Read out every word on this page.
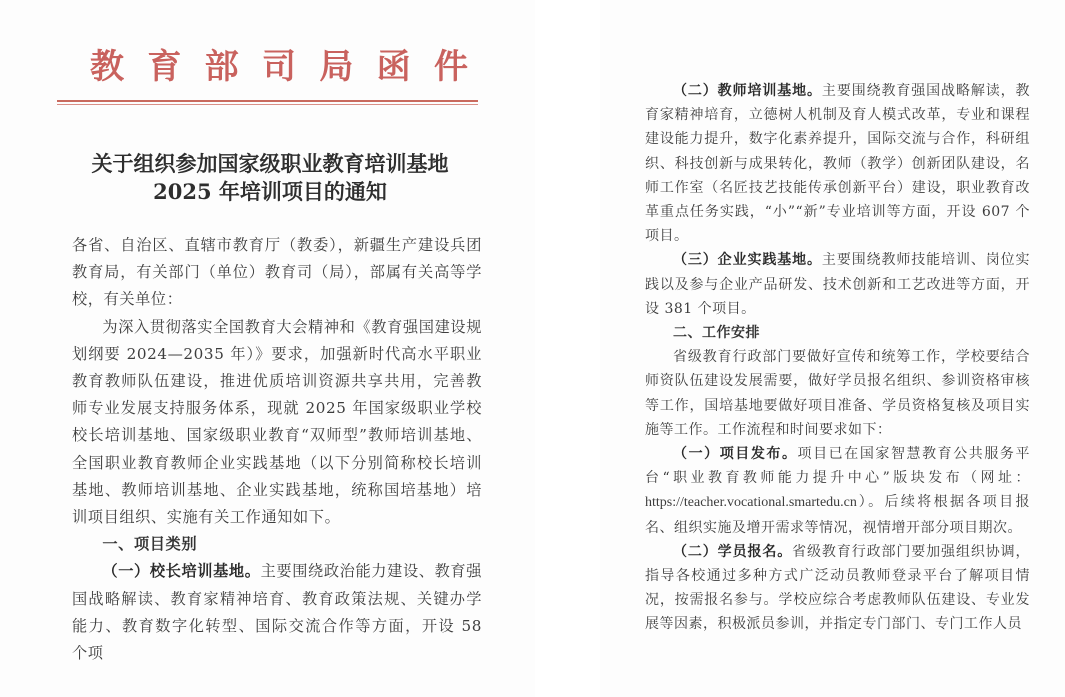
教 育 部 司 局 函 件
关于组织参加国家级职业教育培训基地
2025 年培训项目的通知

各省、自治区、直辖市教育厅（教委），新疆生产建设兵团教育局，有关部门（单位）教育司（局），部属有关高等学校，有关单位：

为深入贯彻落实全国教育大会精神和《教育强国建设规划纲要 2024—2035 年）》要求，加强新时代高水平职业教育教师队伍建设，推进优质培训资源共享共用，完善教师专业发展支持服务体系，现就 2025 年国家级职业学校校长培训基地、国家级职业教育“双师型”教师培训基地、全国职业教育教师企业实践基地（以下分别简称校长培训基地、教师培训基地、企业实践基地，统称国培基地）培训项目组织、实施有关工作通知如下。

一、项目类别

（一）校长培训基地。主要围绕政治能力建设、教育强国战略解读、教育家精神培育、教育政策法规、关键办学能力、教育数字化转型、国际交流合作等方面，开设 58 个项

（二）教师培训基地。主要围绕教育强国战略解读，教育家精神培育，立德树人机制及育人模式改革，专业和课程建设能力提升，数字化素养提升，国际交流与合作，科研组织、科技创新与成果转化，教师（教学）创新团队建设，名师工作室（名匠技艺技能传承创新平台）建设，职业教育改革重点任务实践，“小”“新”专业培训等方面，开设 607 个项目。

（三）企业实践基地。主要围绕教师技能培训、岗位实践以及参与企业产品研发、技术创新和工艺改进等方面，开设 381 个项目。

二、工作安排

省级教育行政部门要做好宣传和统筹工作，学校要结合师资队伍建设发展需要，做好学员报名组织、参训资格审核等工作，国培基地要做好项目准备、学员资格复核及项目实施等工作。工作流程和时间要求如下：

（一）项目发布。项目已在国家智慧教育公共服务平台“职业教育教师能力提升中心”版块发布（网址：https://teacher.vocational.smartedu.cn）。后续将根据各项目报名、组织实施及增开需求等情况，视情增开部分项目期次。

（二）学员报名。省级教育行政部门要加强组织协调，指导各校通过多种方式广泛动员教师登录平台了解项目情况，按需报名参与。学校应综合考虑教师队伍建设、专业发展等因素，积极派员参训，并指定专门部门、专门工作人员
